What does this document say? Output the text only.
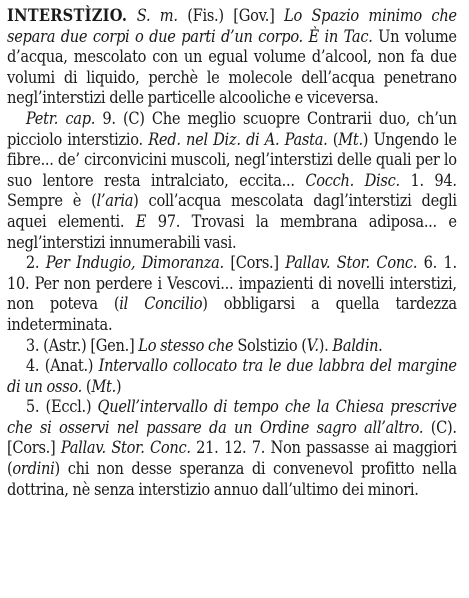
INTERSTÌZIO. S. m. (Fis.) [Gov.] Lo Spazio minimo che separa due corpi o due parti d’un corpo. È in Tac. Un volume d’acqua, mescolato con un egual volume d’alcool, non fa due volumi di liquido, perchè le molecole dell’acqua penetrano negl’interstizi delle particelle alcooliche e viceversa.

Petr. cap. 9. (C) Che meglio scuopre Contrarii duo, ch’un picciolo interstizio. Red. nel Diz. di A. Pasta. (Mt.) Ungendo le fibre... de’ circonvicini muscoli, negl’interstizi delle quali per lo suo lentore resta intralciato, eccita... Cocch. Disc. 1. 94. Sempre è (l’aria) coll’acqua mescolata dagl’interstizi degli aquei elementi. E 97. Trovasi la membrana adiposa... e negl’interstizi innumerabili vasi.

2. Per Indugio, Dimoranza. [Cors.] Pallav. Stor. Conc. 6. 1. 10. Per non perdere i Vescovi... impazienti di novelli interstizi, non poteva (il Concilio) obbligarsi a quella tardezza indeterminata.

3. (Astr.) [Gen.] Lo stesso che Solstizio (V.). Baldin.

4. (Anat.) Intervallo collocato tra le due labbra del margine di un osso. (Mt.)

5. (Eccl.) Quell’intervallo di tempo che la Chiesa prescrive che si osservi nel passare da un Ordine sagro all’altro. (C).[Cors.] Pallav. Stor. Conc. 21. 12. 7. Non passasse ai maggiori (ordini) chi non desse speranza di convenevol profitto nella dottrina, nè senza interstizio annuo dall’ultimo dei minori.
